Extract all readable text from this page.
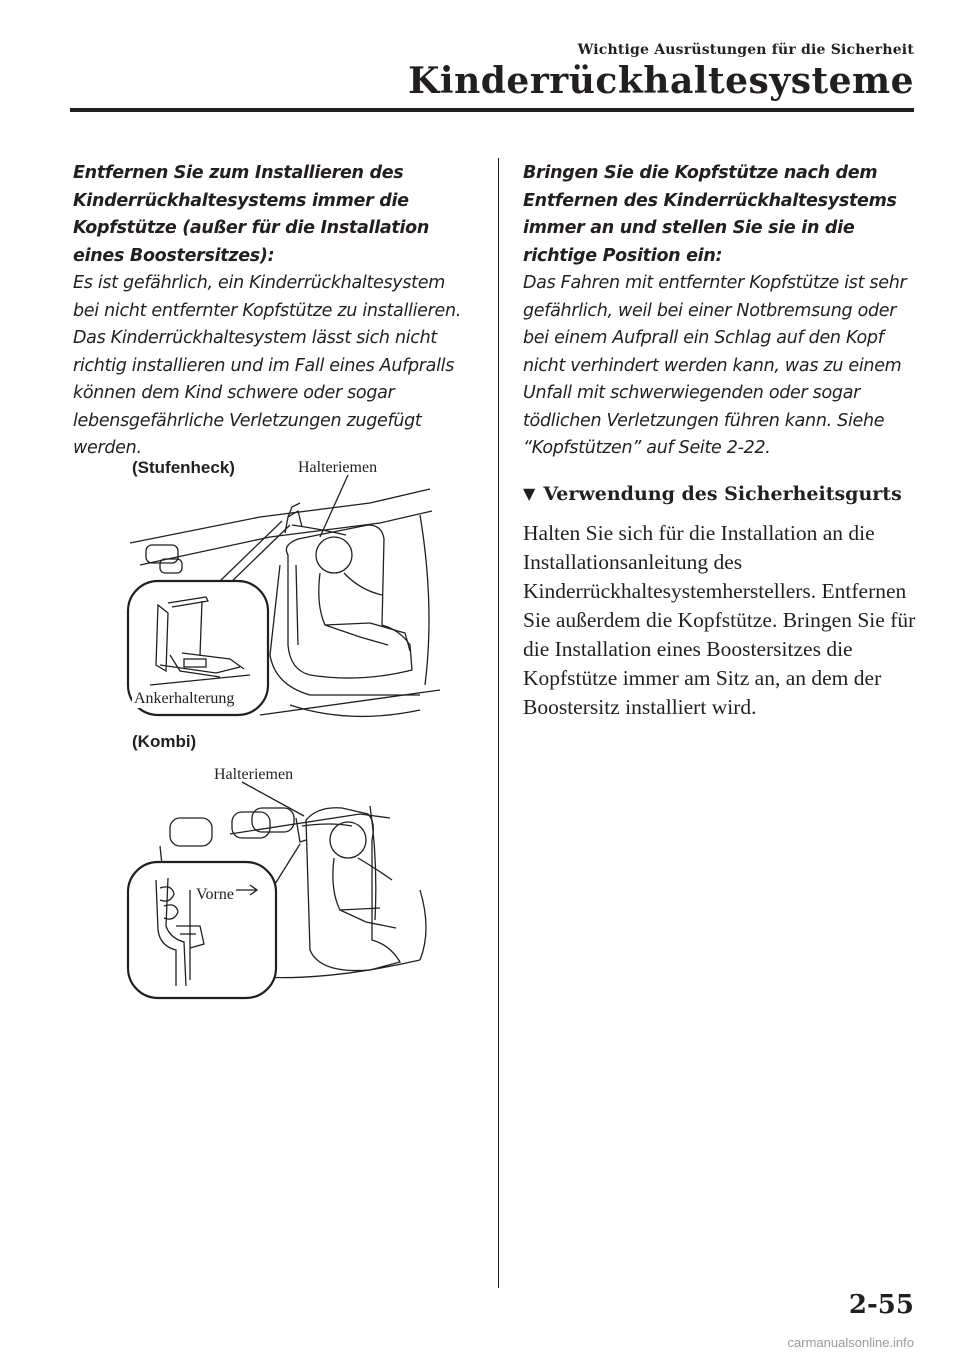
Wichtige Ausrüstungen für die Sicherheit
Kinderrückhaltesysteme

Entfernen Sie zum Installieren des Kinderrückhaltesystems immer die Kopfstütze (außer für die Installation eines Boostersitzes):

Es ist gefährlich, ein Kinderrückhaltesystem bei nicht entfernter Kopfstütze zu installieren. Das Kinderrückhaltesystem lässt sich nicht richtig installieren und im Fall eines Aufpralls können dem Kind schwere oder sogar lebensgefährliche Verletzungen zugefügt werden.

(Stufenheck)	Halteriemen
Ankerhalterung
(Kombi)
Halteriemen
Vorne

Bringen Sie die Kopfstütze nach dem Entfernen des Kinderrückhaltesystems immer an und stellen Sie sie in die richtige Position ein:

Das Fahren mit entfernter Kopfstütze ist sehr gefährlich, weil bei einer Notbremsung oder bei einem Aufprall ein Schlag auf den Kopf nicht verhindert werden kann, was zu einem Unfall mit schwerwiegenden oder sogar tödlichen Verletzungen führen kann. Siehe “Kopfstützen” auf Seite 2-22.

▼ Verwendung des Sicherheitsgurts

Halten Sie sich für die Installation an die Installationsanleitung des Kinderrückhaltesystemherstellers. Entfernen Sie außerdem die Kopfstütze. Bringen Sie für die Installation eines Boostersitzes die Kopfstütze immer am Sitz an, an dem der Boostersitz installiert wird.

2-55
carmanualsonline.info
